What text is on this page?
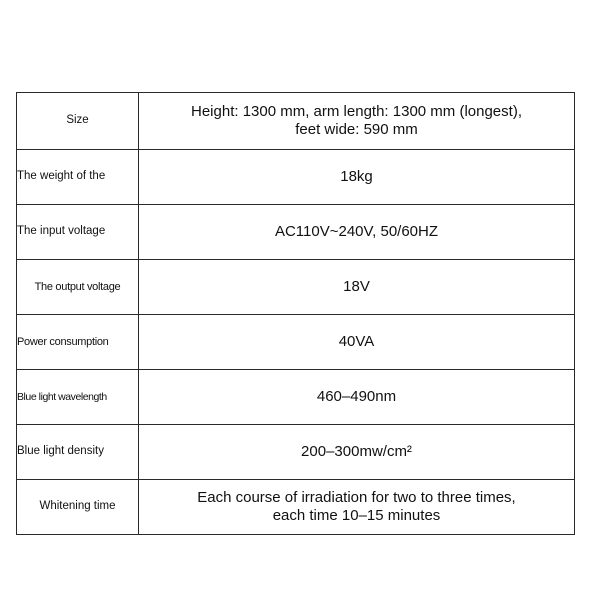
Size	Height: 1300 mm, arm length: 1300 mm (longest),
feet wide: 590 mm

The weight of the	18kg
The input voltage	AC110V~240V, 50/60HZ
The output voltage	18V
Power consumption	40VA
Blue light wavelength	460–490nm
Blue light density	200–300mw/cm²
Whitening time	Each course of irradiation for two to three times,
each time 10–15 minutes
